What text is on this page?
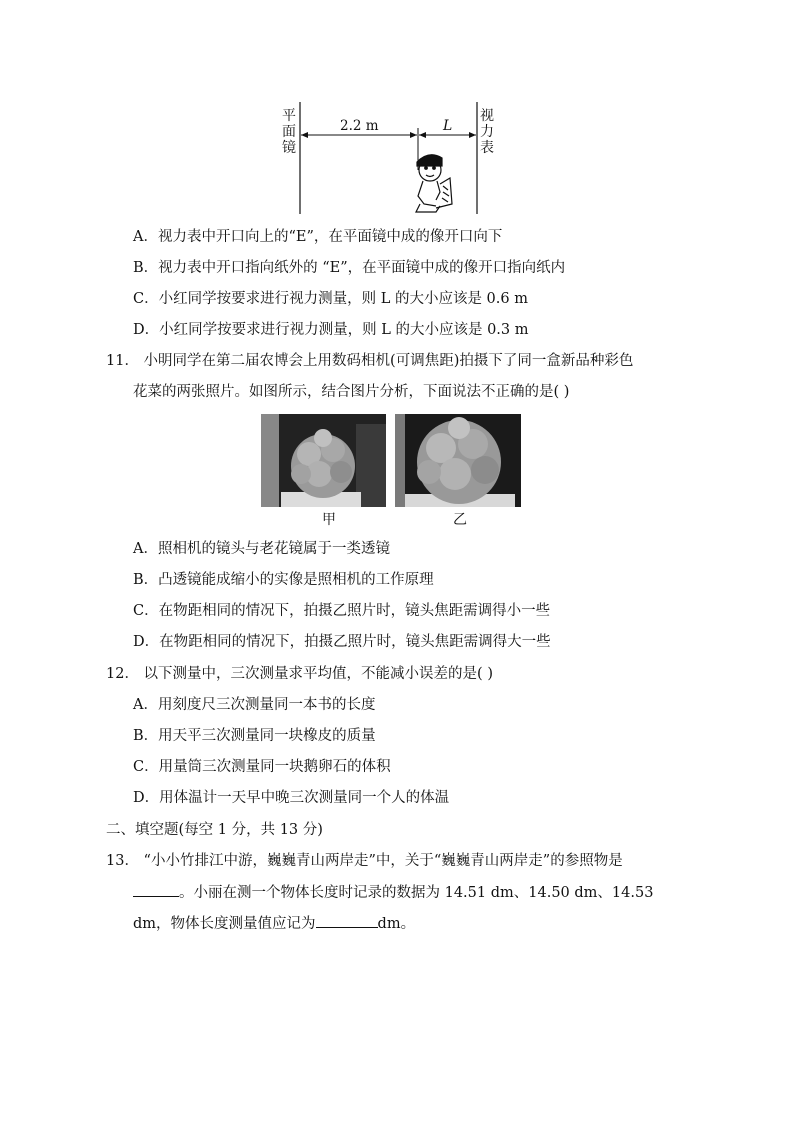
平
面
镜
视
力
表
2.2 m	L
A．视力表中开口向上的“E”，在平面镜中成的像开口向下
B．视力表中开口指向纸外的 “E”，在平面镜中成的像开口指向纸内
C．小红同学按要求进行视力测量，则 L 的大小应该是 0.6 m
D．小红同学按要求进行视力测量，则 L 的大小应该是 0.3 m
11． 小明同学在第二届农博会上用数码相机(可调焦距)拍摄下了同一盒新品种彩色
花菜的两张照片。如图所示，结合图片分析，下面说法不正确的是( )
甲	乙
A．照相机的镜头与老花镜属于一类透镜
B．凸透镜能成缩小的实像是照相机的工作原理
C．在物距相同的情况下，拍摄乙照片时，镜头焦距需调得小一些
D．在物距相同的情况下，拍摄乙照片时，镜头焦距需调得大一些
12． 以下测量中，三次测量求平均值，不能减小误差的是( )
A．用刻度尺三次测量同一本书的长度
B．用天平三次测量同一块橡皮的质量
C．用量筒三次测量同一块鹅卵石的体积
D．用体温计一天早中晚三次测量同一个人的体温
二、填空题(每空 1 分，共 13 分)
13． “小小竹排江中游，巍巍青山两岸走”中，关于“巍巍青山两岸走”的参照物是
。小丽在测一个物体长度时记录的数据为 14.51 dm、14.50 dm、14.53
dm，物体长度测量值应记为	dm。
